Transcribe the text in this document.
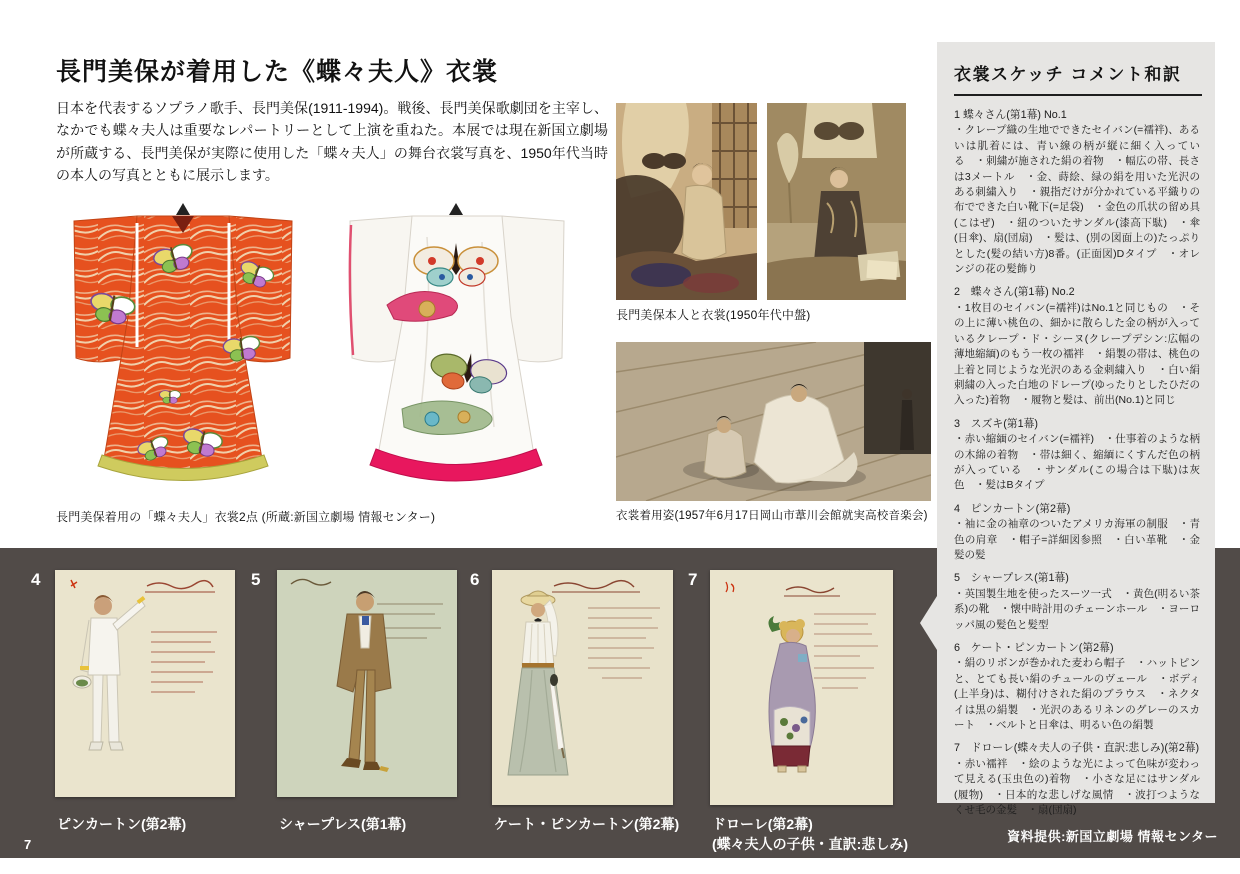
長門美保が着用した《蝶々夫人》衣裳

日本を代表するソプラノ歌手、長門美保(1911-1994)。戦後、長門美保歌劇団を主宰し、なかでも蝶々夫人は重要なレパートリーとして上演を重ねた。本展では現在新国立劇場が所蔵する、長門美保が実際に使用した「蝶々夫人」の舞台衣裳写真を、1950年代当時の本人の写真とともに展示します。

長門美保着用の「蝶々夫人」衣裳2点 (所蔵:新国立劇場 情報センター)
長門美保本人と衣裳(1950年代中盤)
衣裳着用姿(1957年6月17日岡山市葦川会館就実高校音楽会)
4	5	6	7
ピンカートン(第2幕)	シャープレス(第1幕)	ケート・ピンカートン(第2幕) ドローレ(第2幕)
(蝶々夫人の子供・直訳:悲しみ)
7
資料提供:新国立劇場 情報センター
衣裳スケッチ コメント和訳
1 蝶々さん(第1幕) No.1
・クレープ織の生地でできたセイバン(=襦袢)、あるいは肌着には、青い線の柄が縦に細く入っている　・刺繍が施された絹の着物　・幅広の帯、長さは3メートル　・金、蒔絵、緑の絹を用いた光沢のある刺繍入り　・親指だけが分かれている平織りの布でできた白い靴下(=足袋)　・金色の爪状の留め具(こはぜ)　・紐のついたサンダル(漆高下駄)　・傘(日傘)、扇(団扇)　・髪は、(別の図面上の)たっぷりとした(髪の結い方)8番。(正面図)Dタイプ　・オレンジの花の髪飾り
2　蝶々さん(第1幕) No.2
・1枚目のセイバン(=襦袢)はNo.1と同じもの　・その上に薄い桃色の、細かに散らした金の柄が入っているクレープ・ド・シーヌ(クレープデシン:広幅の薄地縮緬)のもう一枚の襦袢　・絹製の帯は、桃色の上着と同じような光沢のある金刺繍入り　・白い絹刺繍の入った白地のドレープ(ゆったりとしたひだの入った)着物　・履物と髪は、前出(No.1)と同じ
3　スズキ(第1幕)
・赤い縮緬のセイバン(=襦袢)　・仕事着のような柄の木綿の着物　・帯は細く、縮緬にくすんだ色の柄が入っている　・サンダル(この場合は下駄)は灰色　・髪はBタイプ
4　ピンカートン(第2幕)
・袖に金の袖章のついたアメリカ海軍の制服　・青色の肩章　・帽子=詳細図参照　・白い革靴　・金髪の髪
5　シャープレス(第1幕)
・英国製生地を使ったスーツ一式　・黄色(明るい茶系)の靴　・懐中時計用のチェーンホール　・ヨーロッパ風の髪色と髪型
6　ケート・ピンカートン(第2幕)
・絹のリボンが巻かれた麦わら帽子　・ハットピンと、とても長い絹のチュールのヴェール　・ボディ(上半身)は、糊付けされた絹のブラウス　・ネクタイは黒の絹製　・光沢のあるリネンのグレーのスカート　・ベルトと日傘は、明るい色の絹製
7　ドローレ(蝶々夫人の子供・直訳:悲しみ)(第2幕)
・赤い襦袢　・絵のような光によって色味が変わって見える(玉虫色の)着物　・小さな足にはサンダル(履物)　・日本的な悲しげな風情　・波打つようなくせ毛の金髪　・扇(団扇)
